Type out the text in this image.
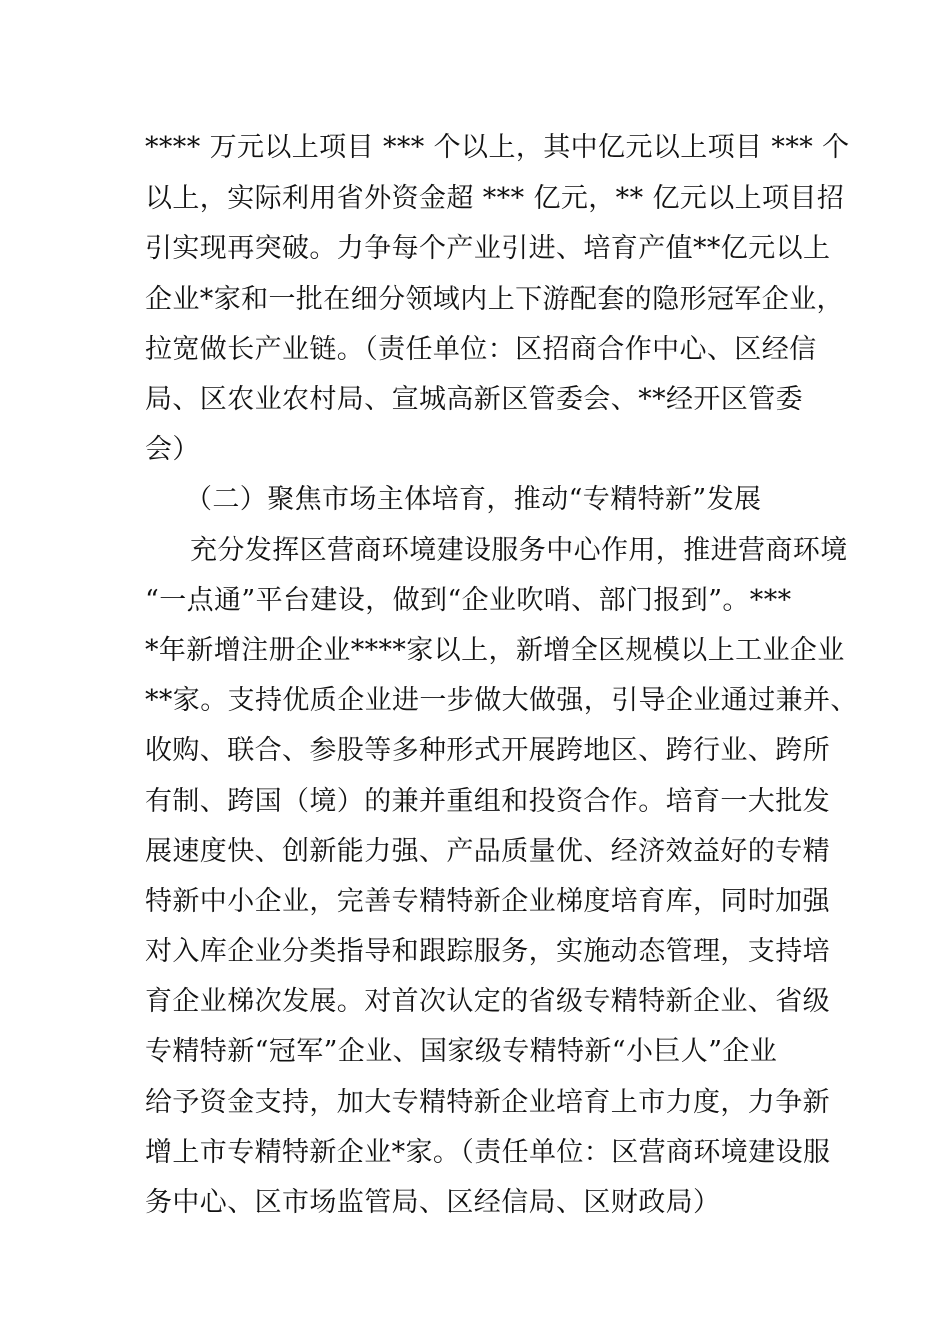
**** 万元以上项目 *** 个以上，其中亿元以上项目 *** 个
以上，实际利用省外资金超 *** 亿元，** 亿元以上项目招
引实现再突破。力争每个产业引进、培育产值**亿元以上
企业*家和一批在细分领域内上下游配套的隐形冠军企业，
拉宽做长产业链。（责任单位：区招商合作中心、区经信
局、区农业农村局、宣城高新区管委会、**经开区管委
会）
（二）聚焦市场主体培育，推动“专精特新”发展
充分发挥区营商环境建设服务中心作用，推进营商环境
“一点通”平台建设，做到“企业吹哨、部门报到”。***
*年新增注册企业****家以上，新增全区规模以上工业企业
**家。支持优质企业进一步做大做强，引导企业通过兼并、
收购、联合、参股等多种形式开展跨地区、跨行业、跨所
有制、跨国（境）的兼并重组和投资合作。培育一大批发
展速度快、创新能力强、产品质量优、经济效益好的专精
特新中小企业，完善专精特新企业梯度培育库，同时加强
对入库企业分类指导和跟踪服务，实施动态管理，支持培
育企业梯次发展。对首次认定的省级专精特新企业、省级
专精特新“冠军”企业、国家级专精特新“小巨人”企业
给予资金支持，加大专精特新企业培育上市力度，力争新
增上市专精特新企业*家。（责任单位：区营商环境建设服
务中心、区市场监管局、区经信局、区财政局）
